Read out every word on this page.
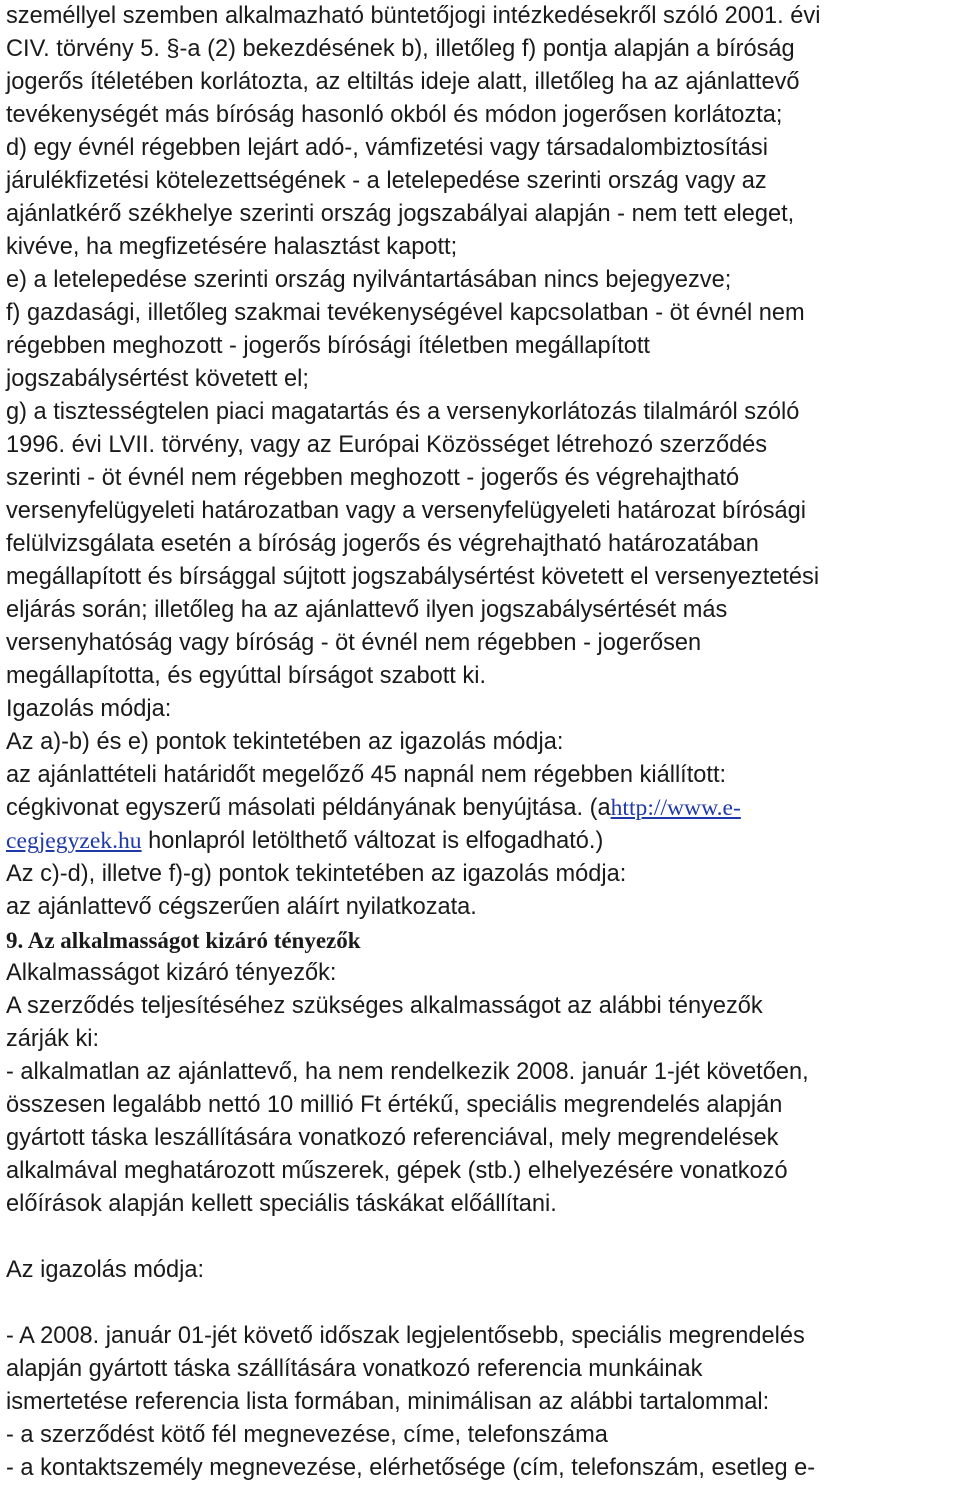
személlyel szemben alkalmazható büntetőjogi intézkedésekről szóló 2001. évi
CIV. törvény 5. §-a (2) bekezdésének b), illetőleg f) pontja alapján a bíróság
jogerős ítéletében korlátozta, az eltiltás ideje alatt, illetőleg ha az ajánlattevő
tevékenységét más bíróság hasonló okból és módon jogerősen korlátozta;
d) egy évnél régebben lejárt adó-, vámfizetési vagy társadalombiztosítási
járulékfizetési kötelezettségének - a letelepedése szerinti ország vagy az
ajánlatkérő székhelye szerinti ország jogszabályai alapján - nem tett eleget,
kivéve, ha megfizetésére halasztást kapott;
e) a letelepedése szerinti ország nyilvántartásában nincs bejegyezve;
f) gazdasági, illetőleg szakmai tevékenységével kapcsolatban - öt évnél nem
régebben meghozott - jogerős bírósági ítéletben megállapított
jogszabálysértést követett el;
g) a tisztességtelen piaci magatartás és a versenykorlátozás tilalmáról szóló
1996. évi LVII. törvény, vagy az Európai Közösséget létrehozó szerződés
szerinti - öt évnél nem régebben meghozott - jogerős és végrehajtható
versenyfelügyeleti határozatban vagy a versenyfelügyeleti határozat bírósági
felülvizsgálata esetén a bíróság jogerős és végrehajtható határozatában
megállapított és bírsággal sújtott jogszabálysértést követett el versenyeztetési
eljárás során; illetőleg ha az ajánlattevő ilyen jogszabálysértését más
versenyhatóság vagy bíróság - öt évnél nem régebben - jogerősen
megállapította, és egyúttal bírságot szabott ki.
Igazolás módja:
Az a)-b) és e) pontok tekintetében az igazolás módja:
az ajánlattételi határidőt megelőző 45 napnál nem régebben kiállított:
cégkivonat egyszerű másolati példányának benyújtása. (ahttp://www.e-
cegjegyzek.hu honlapról letölthető változat is elfogadható.)
Az c)-d), illetve f)-g) pontok tekintetében az igazolás módja:
az ajánlattevő cégszerűen aláírt nyilatkozata.
9. Az alkalmasságot kizáró tényezők
Alkalmasságot kizáró tényezők:
A szerződés teljesítéséhez szükséges alkalmasságot az alábbi tényezők
zárják ki:
- alkalmatlan az ajánlattevő, ha nem rendelkezik 2008. január 1-jét követően,
összesen legalább nettó 10 millió Ft értékű, speciális megrendelés alapján
gyártott táska leszállítására vonatkozó referenciával, mely megrendelések
alkalmával meghatározott műszerek, gépek (stb.) elhelyezésére vonatkozó
előírások alapján kellett speciális táskákat előállítani.
Az igazolás módja:
- A 2008. január 01-jét követő időszak legjelentősebb, speciális megrendelés
alapján gyártott táska szállítására vonatkozó referencia munkáinak
ismertetése referencia lista formában, minimálisan az alábbi tartalommal:
- a szerződést kötő fél megnevezése, címe, telefonszáma
- a kontaktszemély megnevezése, elérhetősége (cím, telefonszám, esetleg e-
